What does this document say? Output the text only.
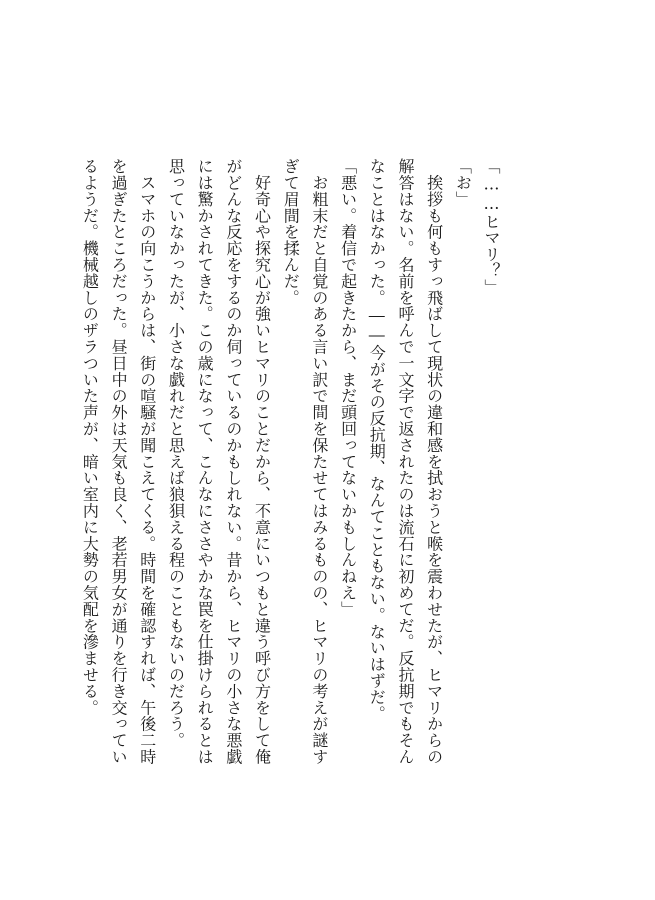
「……ヒマリ？」
「お」
　挨拶も何もすっ飛ばして現状の違和感を拭おうと喉を震わせたが、ヒマリからの
解答はない。名前を呼んで一文字で返されたのは流石に初めてだ。反抗期でもそん
なことはなかった。――今がその反抗期、なんてこともない。ないはずだ。
「悪い。着信で起きたから、まだ頭回ってないかもしんねえ」
　お粗末だと自覚のある言い訳で間を保たせてはみるものの、ヒマリの考えが謎す
ぎて眉間を揉んだ。
　好奇心や探究心が強いヒマリのことだから、不意にいつもと違う呼び方をして俺
がどんな反応をするのか伺っているのかもしれない。昔から、ヒマリの小さな悪戯
には驚かされてきた。この歳になって、こんなにささやかな罠を仕掛けられるとは
思っていなかったが、小さな戯れだと思えば狼狽える程のこともないのだろう。
　スマホの向こうからは、街の喧騒が聞こえてくる。時間を確認すれば、午後二時
を過ぎたところだった。昼日中の外は天気も良く、老若男女が通りを行き交ってい
るようだ。機械越しのザラついた声が、暗い室内に大勢の気配を滲ませる。
